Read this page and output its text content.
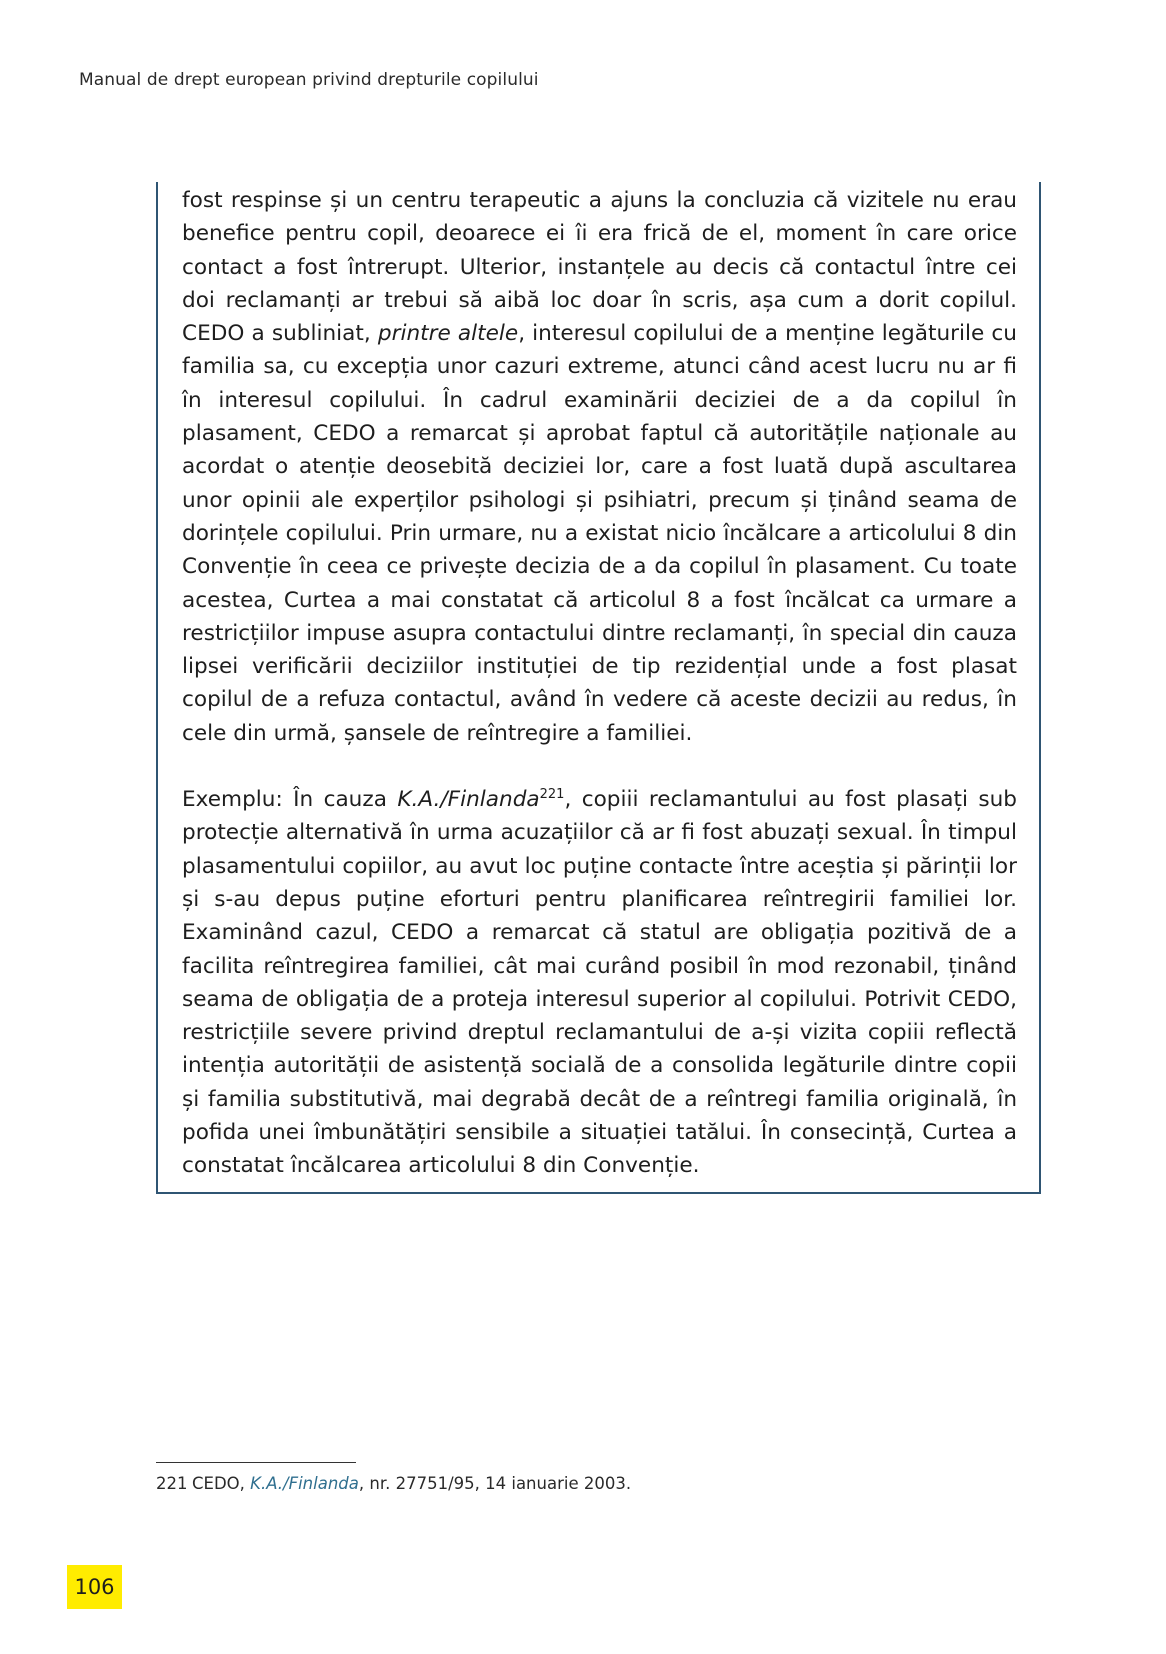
Manual de drept european privind drepturile copilului

fost respinse și un centru terapeutic a ajuns la concluzia că vizitele nu erau benefice pentru copil, deoarece ei îi era frică de el, moment în care orice contact a fost întrerupt. Ulterior, instanțele au decis că contactul între cei doi reclamanți ar trebui să aibă loc doar în scris, așa cum a dorit copilul. CEDO a subliniat, printre altele, interesul copilului de a menține legăturile cu familia sa, cu excepția unor cazuri extreme, atunci când acest lucru nu ar fi în interesul copilului. În cadrul examinării deciziei de a da copilul în plasament, CEDO a remarcat și aprobat faptul că autoritățile naționale au acordat o atenție deosebită deciziei lor, care a fost luată după ascultarea unor opinii ale experților psihologi și psihiatri, precum și ținând seama de dorințele copilului. Prin urmare, nu a existat nicio încălcare a articolului 8 din Convenție în ceea ce privește decizia de a da copilul în plasament. Cu toate acestea, Curtea a mai constatat că articolul 8 a fost încălcat ca urmare a restricțiilor impuse asupra contactului dintre reclamanți, în special din cauza lipsei verificării deciziilor instituției de tip rezidențial unde a fost plasat copilul de a refuza contactul, având în vedere că aceste decizii au redus, în cele din urmă, șansele de reîntregire a familiei.

Exemplu: În cauza K.A./Finlanda$^{221}$, copiii reclamantului au fost plasați sub protecție alternativă în urma acuzațiilor că ar fi fost abuzați sexual. În timpul plasamentului copiilor, au avut loc puține contacte între aceștia și părinții lor și s-au depus puține eforturi pentru planificarea reîntregirii familiei lor. Examinând cazul, CEDO a remarcat că statul are obligația pozitivă de a facilita reîntregirea familiei, cât mai curând posibil în mod rezonabil, ținând seama de obligația de a proteja interesul superior al copilului. Potrivit CEDO, restricțiile severe privind dreptul reclamantului de a-și vizita copiii reflectă intenția autorității de asistență socială de a consolida legăturile dintre copii și familia substitutivă, mai degrabă decât de a reîntregi familia originală, în pofida unei îmbunătățiri sensibile a situației tatălui. În consecință, Curtea a constatat încălcarea articolului 8 din Convenție.

221 CEDO, K.A./Finlanda, nr. 27751/95, 14 ianuarie 2003.
106
